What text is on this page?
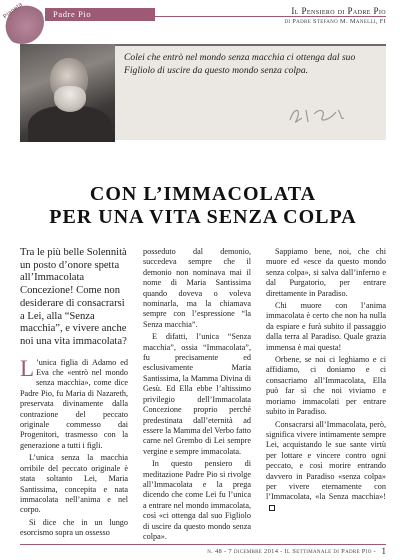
Pianeta	Padre Pio	Il Pensiero di Padre Pio
di Padre Stefano M. Manelli, FI
Colei che entrò nel mondo senza macchia ci ottenga dal suo Figliolo di uscire da questo mondo senza colpa.
CON L’IMMACOLATA
PER UNA VITA SENZA COLPA
Tra le più belle Solennità un posto d’onore spetta all’Immacolata Concezione! Come non desiderare di consacrarsi a Lei, alla “Senza macchia”, e vivere anche noi una vita immacolata?

L ’unica figlia di Adamo ed Eva che «entrò nel mondo senza macchia», come dice Padre Pio, fu Maria di Nazareth, preservata divinamente dalla contrazione del peccato originale commesso dai Progenitori, trasmesso con la generazione a tutti i figli.

L’unica senza la macchia orribile del peccato originale è stata soltanto Lei, Maria Santissima, concepita e nata immacolata nell’anima e nel corpo.

Si dice che in un lungo esorcismo sopra un ossesso

posseduto dal demonio, succedeva sempre che il demonio non nominava mai il nome di Maria Santissima quando doveva o voleva nominarla, ma la chiamava sempre con l’espressione “la Senza macchia”.

E difatti, l’unica “Senza macchia”, ossia “Immacolata”, fu precisamente ed esclusivamente Maria Santissima, la Mamma Divina di Gesù. Ed Ella ebbe l’altissimo privilegio dell’Immacolata Concezione proprio perché predestinata dall’eternità ad essere la Mamma del Verbo fatto carne nel Grembo di Lei sempre vergine e sempre immacolata.

In questo pensiero di meditazione Padre Pio si rivolge all’Immacolata e la prega dicendo che come Lei fu l’unica a entrare nel mondo immacolata, così «ci ottenga dal suo Figliolo di uscire da questo mondo senza colpa».

Sappiamo bene, noi, che chi muore ed «esce da questo mondo senza colpa», si salva dall’inferno e dal Purgatorio, per entrare direttamente in Paradiso.

Chi muore con l’anima immacolata è certo che non ha nulla da espiare e furà subito il passaggio dalla terra al Paradiso. Quale grazia immensa è mai questa!

Orbene, se noi ci leghiamo e ci affidiamo, ci doniamo e ci consacriamo all’Immacolata, Ella può far sì che noi viviamo e moriamo immacolati per entrare subito in Paradiso.

Consacrarsi all’Immacolata, però, significa vivere intimamente sempre Lei, acquistando le sue sante virtù per lottare e vincere contro ogni peccato, e così morire entrando davvero in Paradiso «senza colpa» per vivere eternamente con l’Immacolata, «la Senza macchia»!

n. 48 - 7 dicembre 2014 - Il Settimanale di Padre Pio - 1
